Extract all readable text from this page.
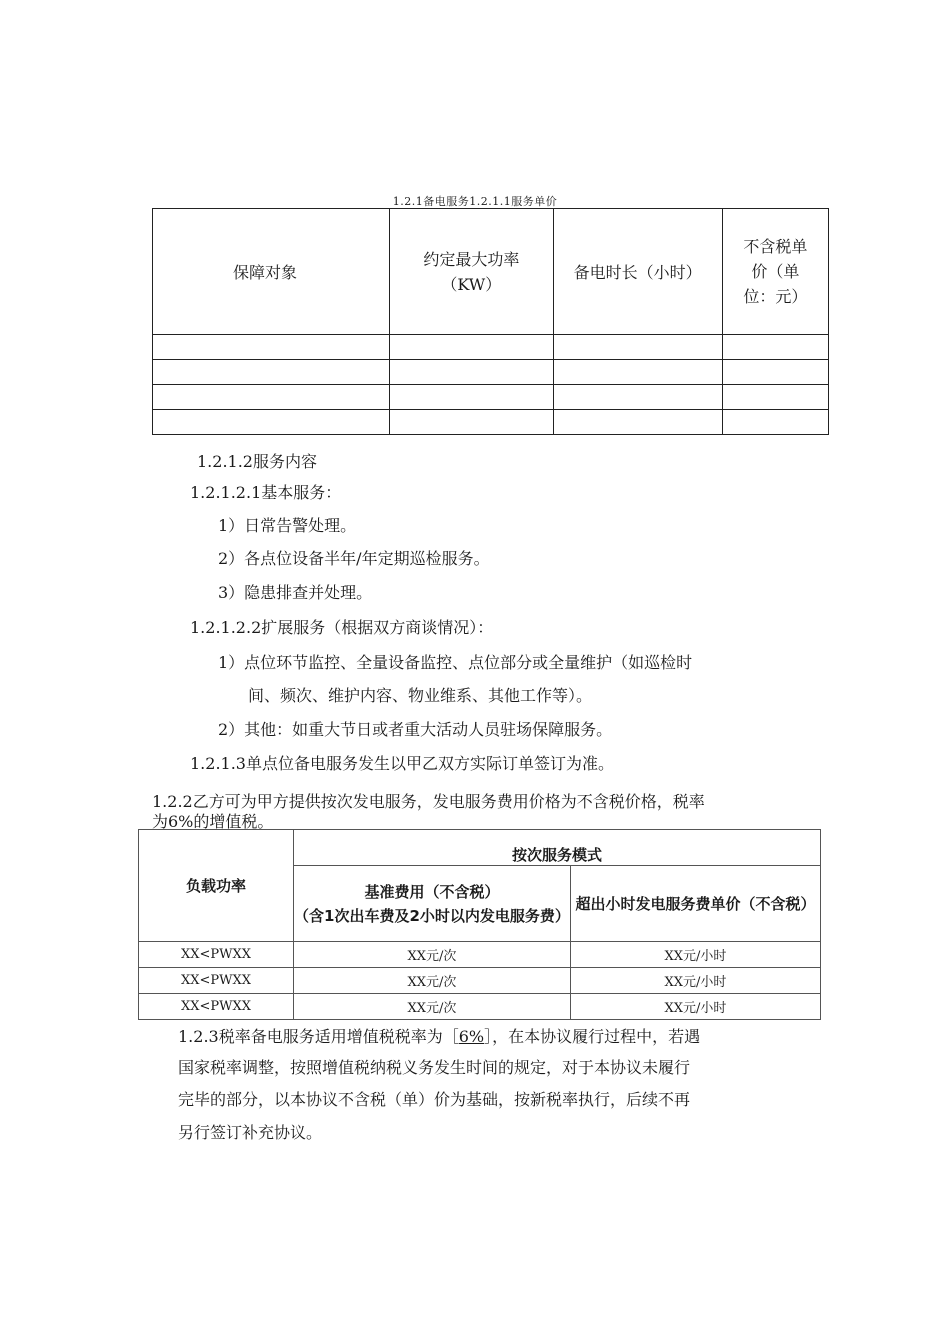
1.2.1备电服务1.2.1.1服务单价
保障对象	约定最大功率（KW）	备电时长（小时）	不含税单价（单位：元）

1.2.1.2服务内容
1.2.1.2.1基本服务：
1）日常告警处理。
2）各点位设备半年/年定期巡检服务。
3）隐患排查并处理。
1.2.1.2.2扩展服务（根据双方商谈情况）：
1）点位环节监控、全量设备监控、点位部分或全量维护（如巡检时
间、频次、维护内容、物业维系、其他工作等）。
2）其他：如重大节日或者重大活动人员驻场保障服务。
1.2.1.3单点位备电服务发生以甲乙双方实际订单签订为准。
1.2.2乙方可为甲方提供按次发电服务，发电服务费用价格为不含税价格，税率
为6%的增值税。
负载功率	按次服务模式	

	基准费用（不含税）
（含1次出车费及2小时以内发电服务费）	超出小时发电服务费单价（不含税）
XX<PWXX	XX元/次	XX元/小时
XX<PWXX	XX元/次	XX元/小时
XX<PWXX	XX元/次	XX元/小时
1.2.3税率备电服务适用增值税税率为［6%］，在本协议履行过程中，若遇
国家税率调整，按照增值税纳税义务发生时间的规定，对于本协议未履行
完毕的部分，以本协议不含税（单）价为基础，按新税率执行，后续不再
另行签订补充协议。
